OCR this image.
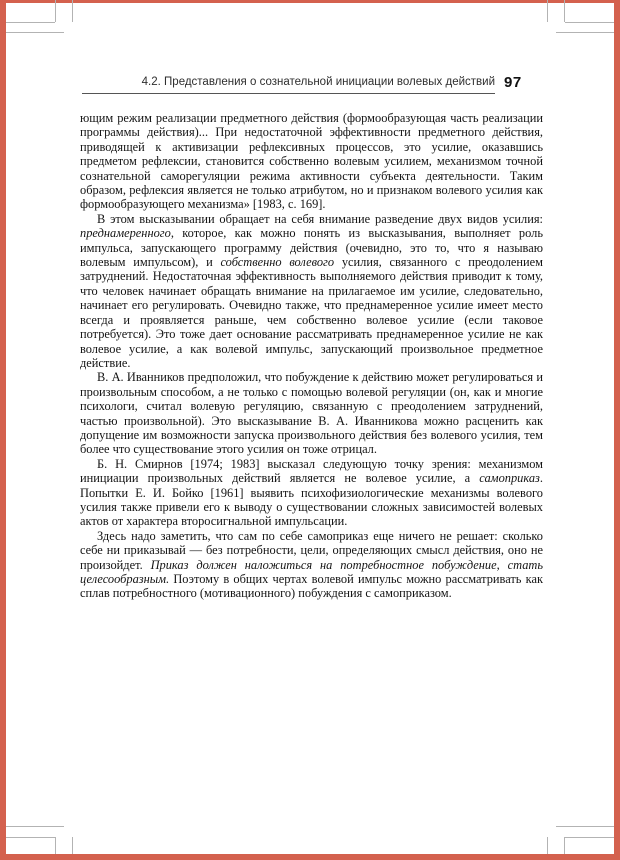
4.2. Представления о сознательной инициации волевых действий 97

ющим режим реализации предметного действия (формообразующая часть реализации программы действия)... При недостаточной эффективности предметного действия, приводящей к активизации рефлексивных процессов, это усилие, оказавшись предметом рефлексии, становится собственно волевым усилием, механизмом точной сознательной саморегуляции режима активности субъекта деятельности. Таким образом, рефлексия является не только атрибутом, но и признаком волевого усилия как формообразующего механизма» [1983, с. 169].

В этом высказывании обращает на себя внимание разведение двух видов усилия: преднамеренного, которое, как можно понять из высказывания, выполняет роль импульса, запускающего программу действия (очевидно, это то, что я называю волевым импульсом), и собственно волевого усилия, связанного с преодолением затруднений. Недостаточная эффективность выполняемого действия приводит к тому, что человек начинает обращать внимание на прилагаемое им усилие, следовательно, начинает его регулировать. Очевидно также, что преднамеренное усилие имеет место всегда и проявляется раньше, чем собственно волевое усилие (если таковое потребуется). Это тоже дает основание рассматривать преднамеренное усилие не как волевое усилие, а как волевой импульс, запускающий произвольное предметное действие.

В. А. Иванников предположил, что побуждение к действию может регулироваться и произвольным способом, а не только с помощью волевой регуляции (он, как и многие психологи, считал волевую регуляцию, связанную с преодолением затруднений, частью произвольной). Это высказывание В. А. Иванникова можно расценить как допущение им возможности запуска произвольного действия без волевого усилия, тем более что существование этого усилия он тоже отрицал.

Б. Н. Смирнов [1974; 1983] высказал следующую точку зрения: механизмом инициации произвольных действий является не волевое усилие, а самоприказ. Попытки Е. И. Бойко [1961] выявить психофизиологические механизмы волевого усилия также привели его к выводу о существовании сложных зависимостей волевых актов от характера второсигнальной импульсации.

Здесь надо заметить, что сам по себе самоприказ еще ничего не решает: сколько себе ни приказывай — без потребности, цели, определяющих смысл действия, оно не произойдет. Приказ должен наложиться на потребностное побуждение, стать целесообразным. Поэтому в общих чертах волевой импульс можно рассматривать как сплав потребностного (мотивационного) побуждения с самоприказом.
